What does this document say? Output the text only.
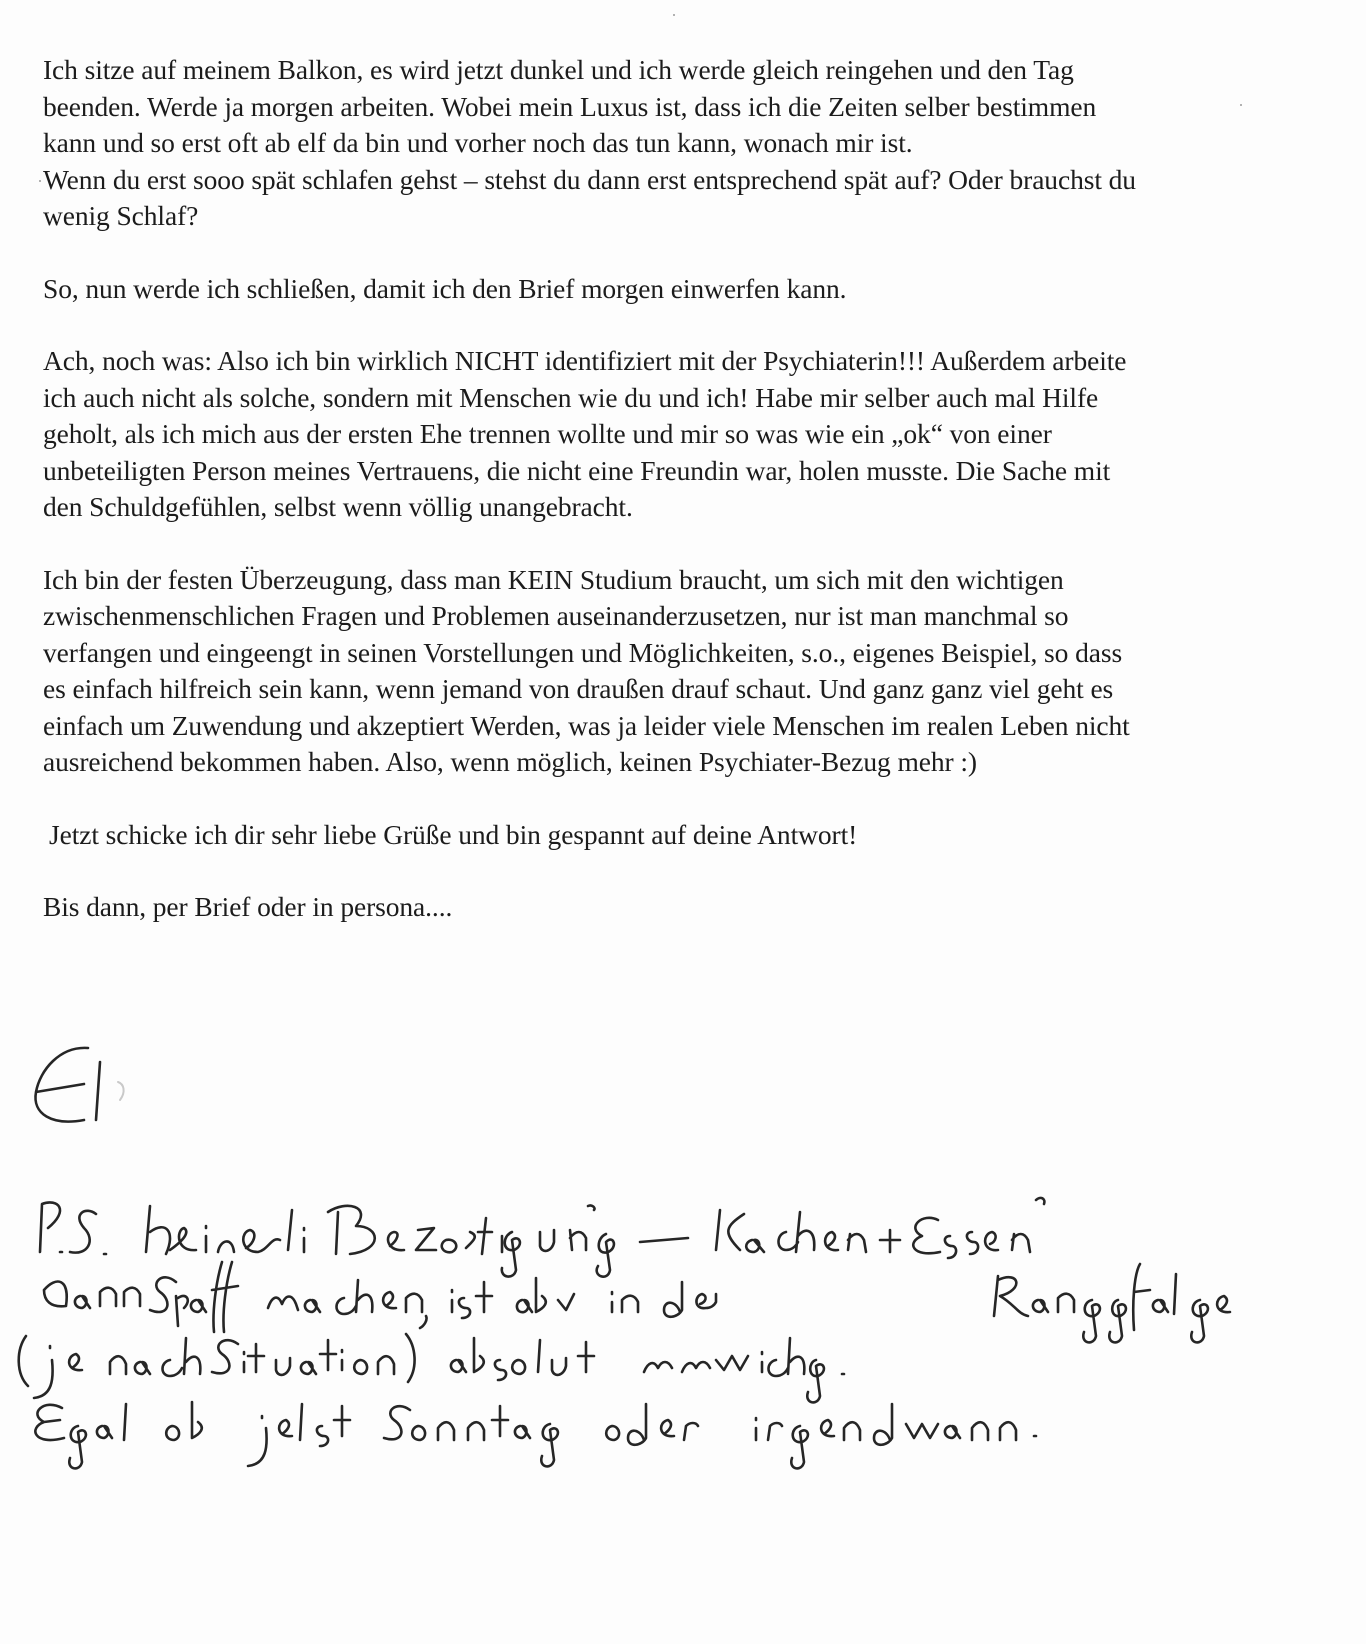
Ich sitze auf meinem Balkon, es wird jetzt dunkel und ich werde gleich reingehen und den Tag
beenden. Werde ja morgen arbeiten. Wobei mein Luxus ist, dass ich die Zeiten selber bestimmen
kann und so erst oft ab elf da bin und vorher noch das tun kann, wonach mir ist.
Wenn du erst sooo spät schlafen gehst – stehst du dann erst entsprechend spät auf? Oder brauchst du
wenig Schlaf?

So, nun werde ich schließen, damit ich den Brief morgen einwerfen kann.

Ach, noch was: Also ich bin wirklich NICHT identifiziert mit der Psychiaterin!!! Außerdem arbeite
ich auch nicht als solche, sondern mit Menschen wie du und ich! Habe mir selber auch mal Hilfe
geholt, als ich mich aus der ersten Ehe trennen wollte und mir so was wie ein „ok“ von einer
unbeteiligten Person meines Vertrauens, die nicht eine Freundin war, holen musste. Die Sache mit
den Schuldgefühlen, selbst wenn völlig unangebracht.

Ich bin der festen Überzeugung, dass man KEIN Studium braucht, um sich mit den wichtigen
zwischenmenschlichen Fragen und Problemen auseinanderzusetzen, nur ist man manchmal so
verfangen und eingeengt in seinen Vorstellungen und Möglichkeiten, s.o., eigenes Beispiel, so dass
es einfach hilfreich sein kann, wenn jemand von draußen drauf schaut. Und ganz ganz viel geht es
einfach um Zuwendung und akzeptiert Werden, was ja leider viele Menschen im realen Leben nicht
ausreichend bekommen haben. Also, wenn möglich, keinen Psychiater-Bezug mehr :)

Jetzt schicke ich dir sehr liebe Grüße und bin gespannt auf deine Antwort!

Bis dann, per Brief oder in persona....
